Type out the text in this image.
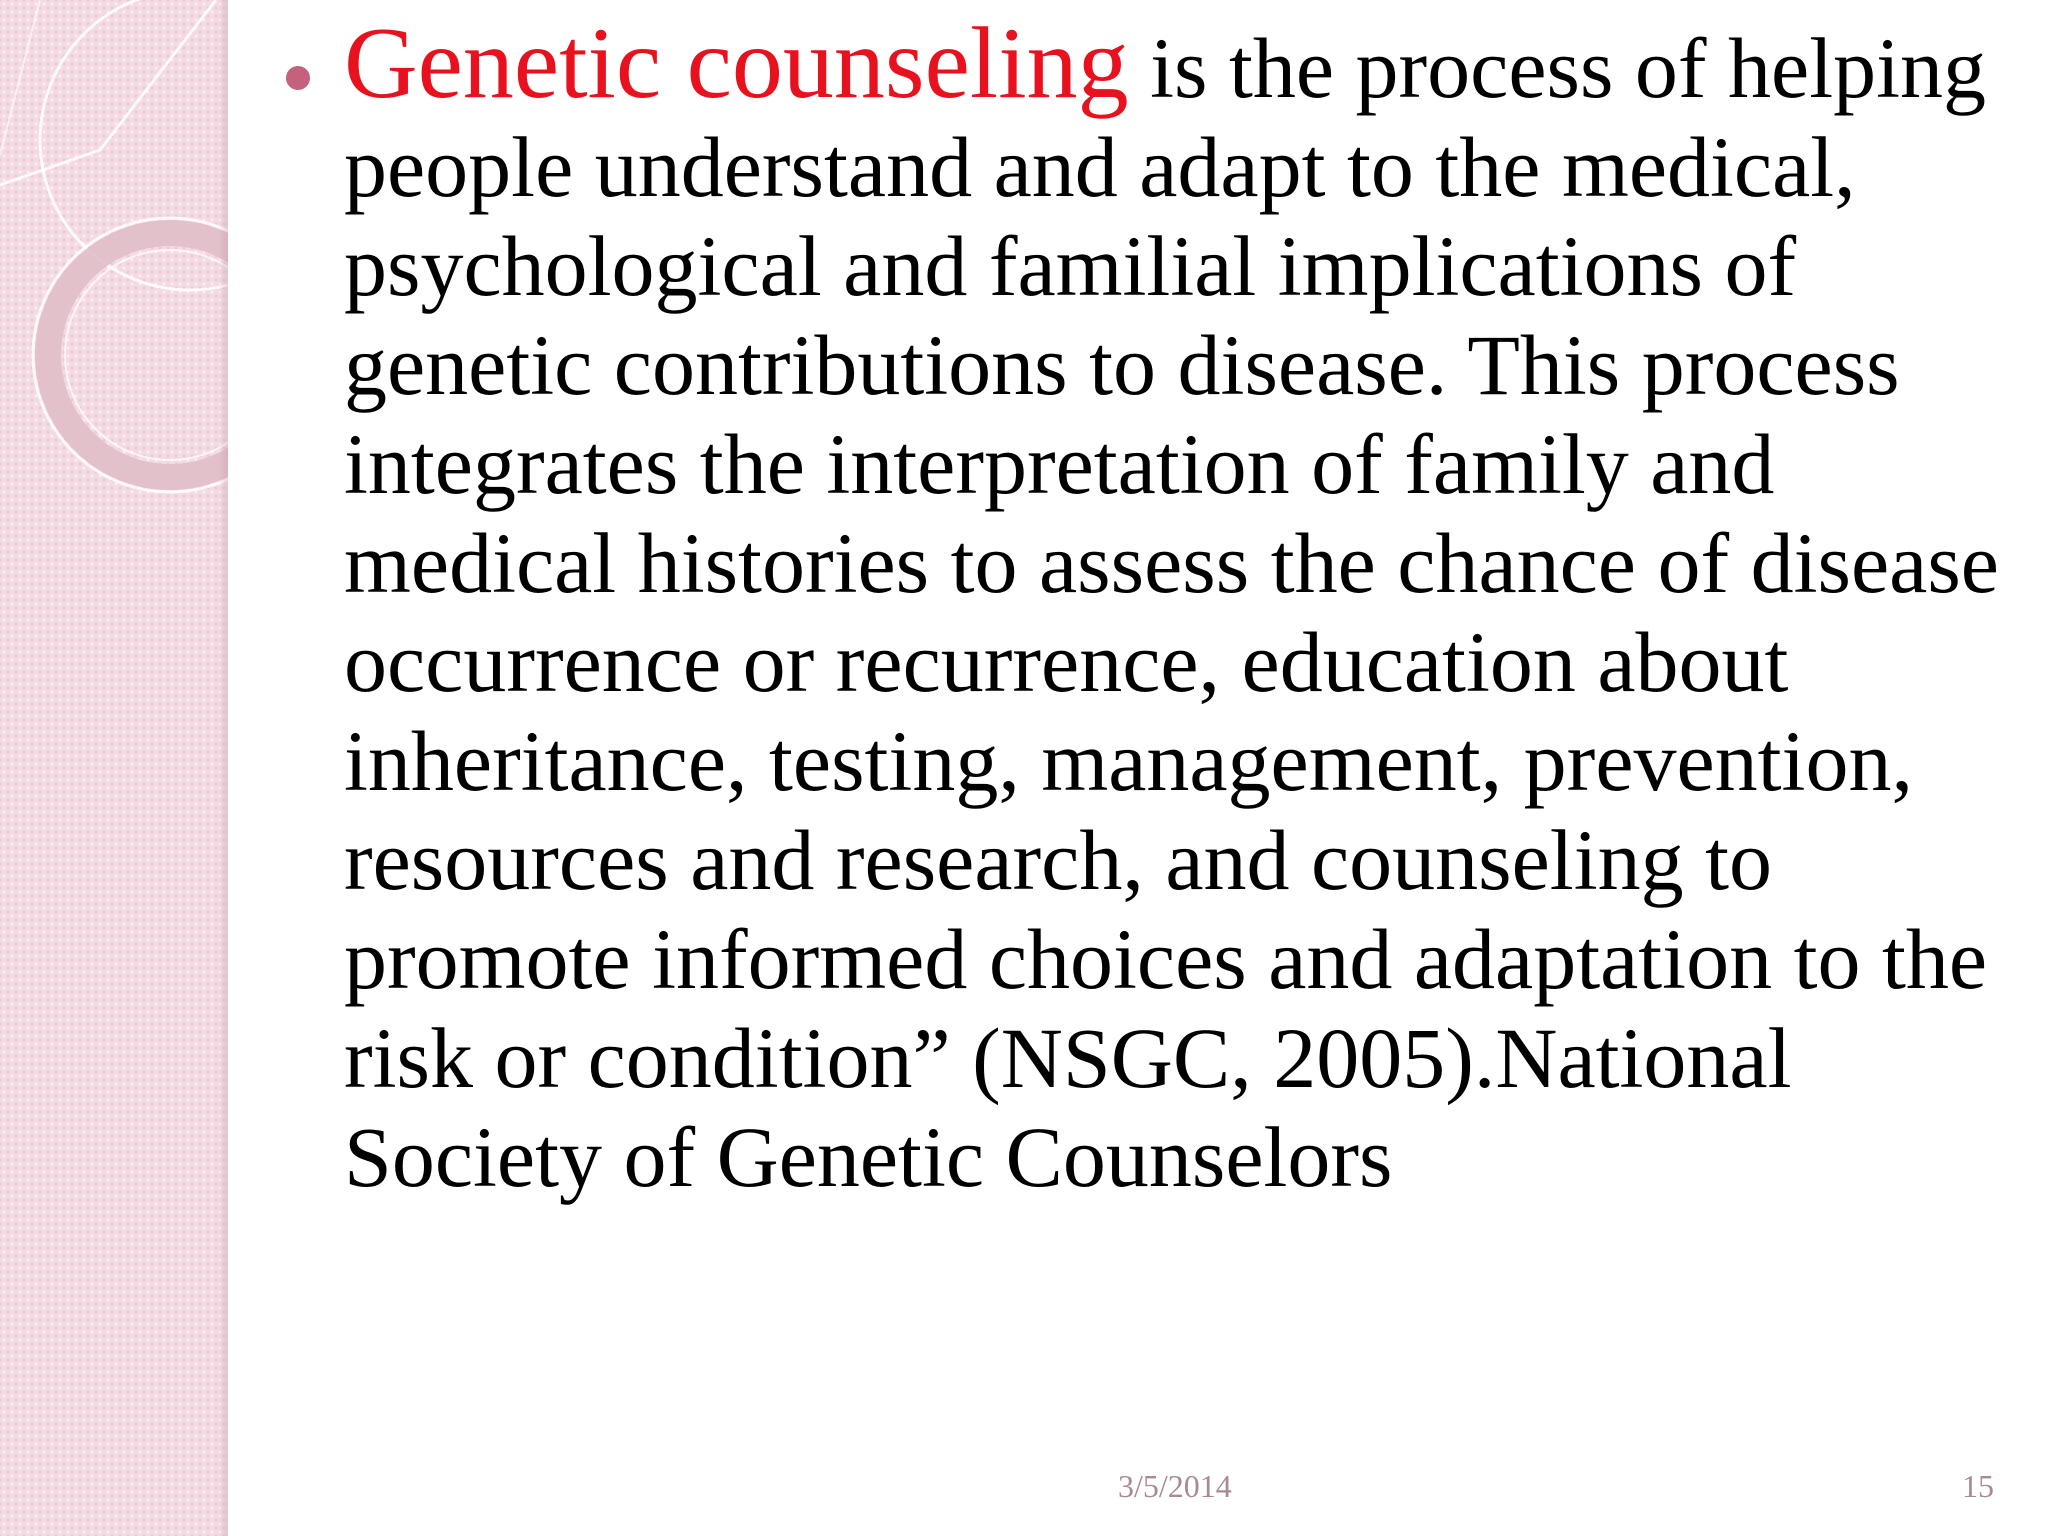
Genetic counseling is the process of helping people understand and adapt to the medical, psychological and familial implications of genetic contributions to disease. This process integrates the interpretation of family and medical histories to assess the chance of disease occurrence or recurrence, education about inheritance, testing, management, prevention, resources and research, and counseling to promote informed choices and adaptation to the risk or condition” (NSGC, 2005).National Society of Genetic Counselors

3/5/2014	15
